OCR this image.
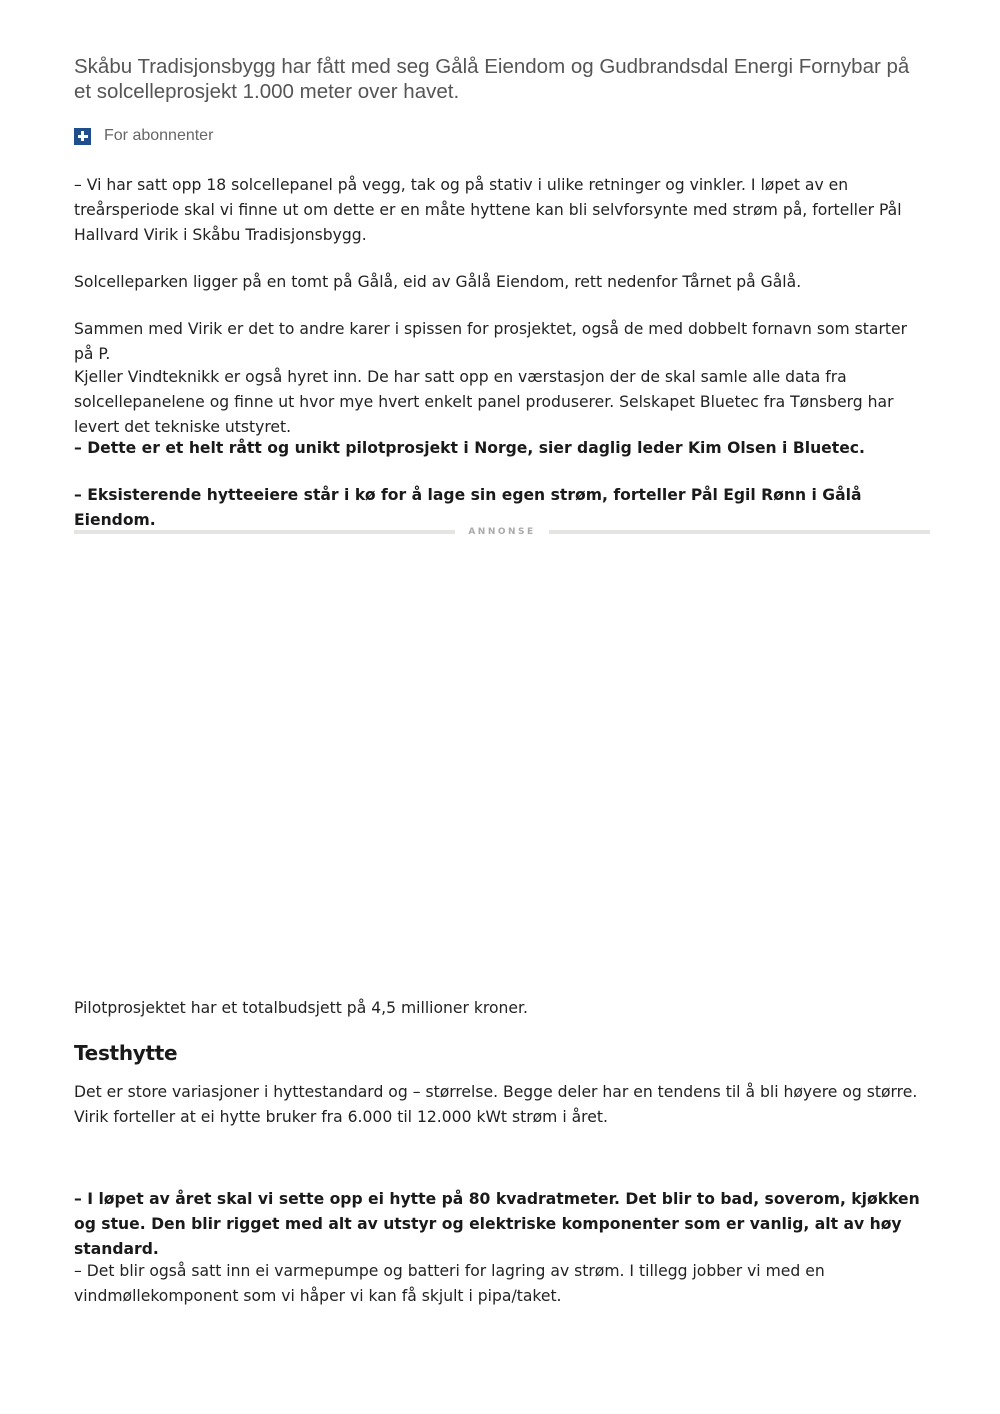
Skåbu Tradisjonsbygg har fått med seg Gålå Eiendom og Gudbrandsdal Energi Fornybar på et solcelleprosjekt 1.000 meter over havet.
For abonnenter

– Vi har satt opp 18 solcellepanel på vegg, tak og på stativ i ulike retninger og vinkler. I løpet av en treårsperiode skal vi finne ut om dette er en måte hyttene kan bli selvforsynte med strøm på, forteller Pål Hallvard Virik i Skåbu Tradisjonsbygg.

Solcelleparken ligger på en tomt på Gålå, eid av Gålå Eiendom, rett nedenfor Tårnet på Gålå.

Sammen med Virik er det to andre karer i spissen for prosjektet, også de med dobbelt fornavn som starter på P.

Kjeller Vindteknikk er også hyret inn. De har satt opp en værstasjon der de skal samle alle data fra solcellepanelene og finne ut hvor mye hvert enkelt panel produserer. Selskapet Bluetec fra Tønsberg har levert det tekniske utstyret.

– Dette er et helt rått og unikt pilotprosjekt i Norge, sier daglig leder Kim Olsen i Bluetec.

– Eksisterende hytteeiere står i kø for å lage sin egen strøm, forteller Pål Egil Rønn i Gålå Eiendom.

ANNONSE

Pilotprosjektet har et totalbudsjett på 4,5 millioner kroner.

Testhytte

Det er store variasjoner i hyttestandard og – størrelse. Begge deler har en tendens til å bli høyere og større. Virik forteller at ei hytte bruker fra 6.000 til 12.000 kWt strøm i året.

– I løpet av året skal vi sette opp ei hytte på 80 kvadratmeter. Det blir to bad, soverom, kjøkken og stue. Den blir rigget med alt av utstyr og elektriske komponenter som er vanlig, alt av høy standard.

– Det blir også satt inn ei varmepumpe og batteri for lagring av strøm. I tillegg jobber vi med en vindmøllekomponent som vi håper vi kan få skjult i pipa/taket.
